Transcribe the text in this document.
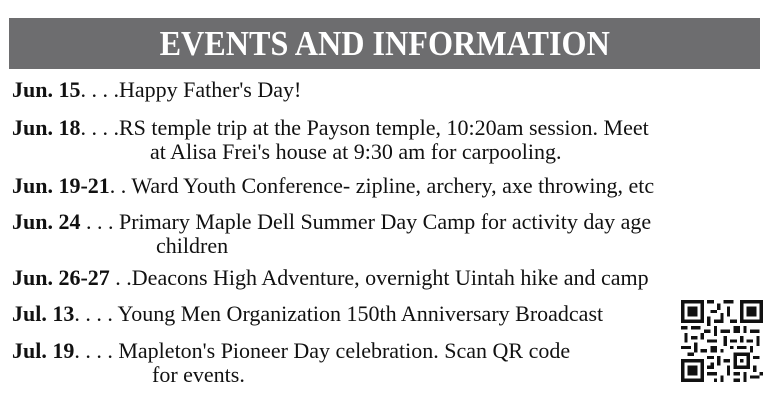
EVENTS AND INFORMATION
Jun. 15. . . .Happy Father's Day!
Jun. 18. . . .RS temple trip at the Payson temple, 10:20am session. Meet
at Alisa Frei's house at 9:30 am for carpooling.
Jun. 19-21. . Ward Youth Conference- zipline, archery, axe throwing, etc
Jun. 24 . . . Primary Maple Dell Summer Day Camp for activity day age
children
Jun. 26-27 . .Deacons High Adventure, overnight Uintah hike and camp
Jul. 13. . . . Young Men Organization 150th Anniversary Broadcast
Jul. 19. . . . Mapleton's Pioneer Day celebration. Scan QR code
for events.
